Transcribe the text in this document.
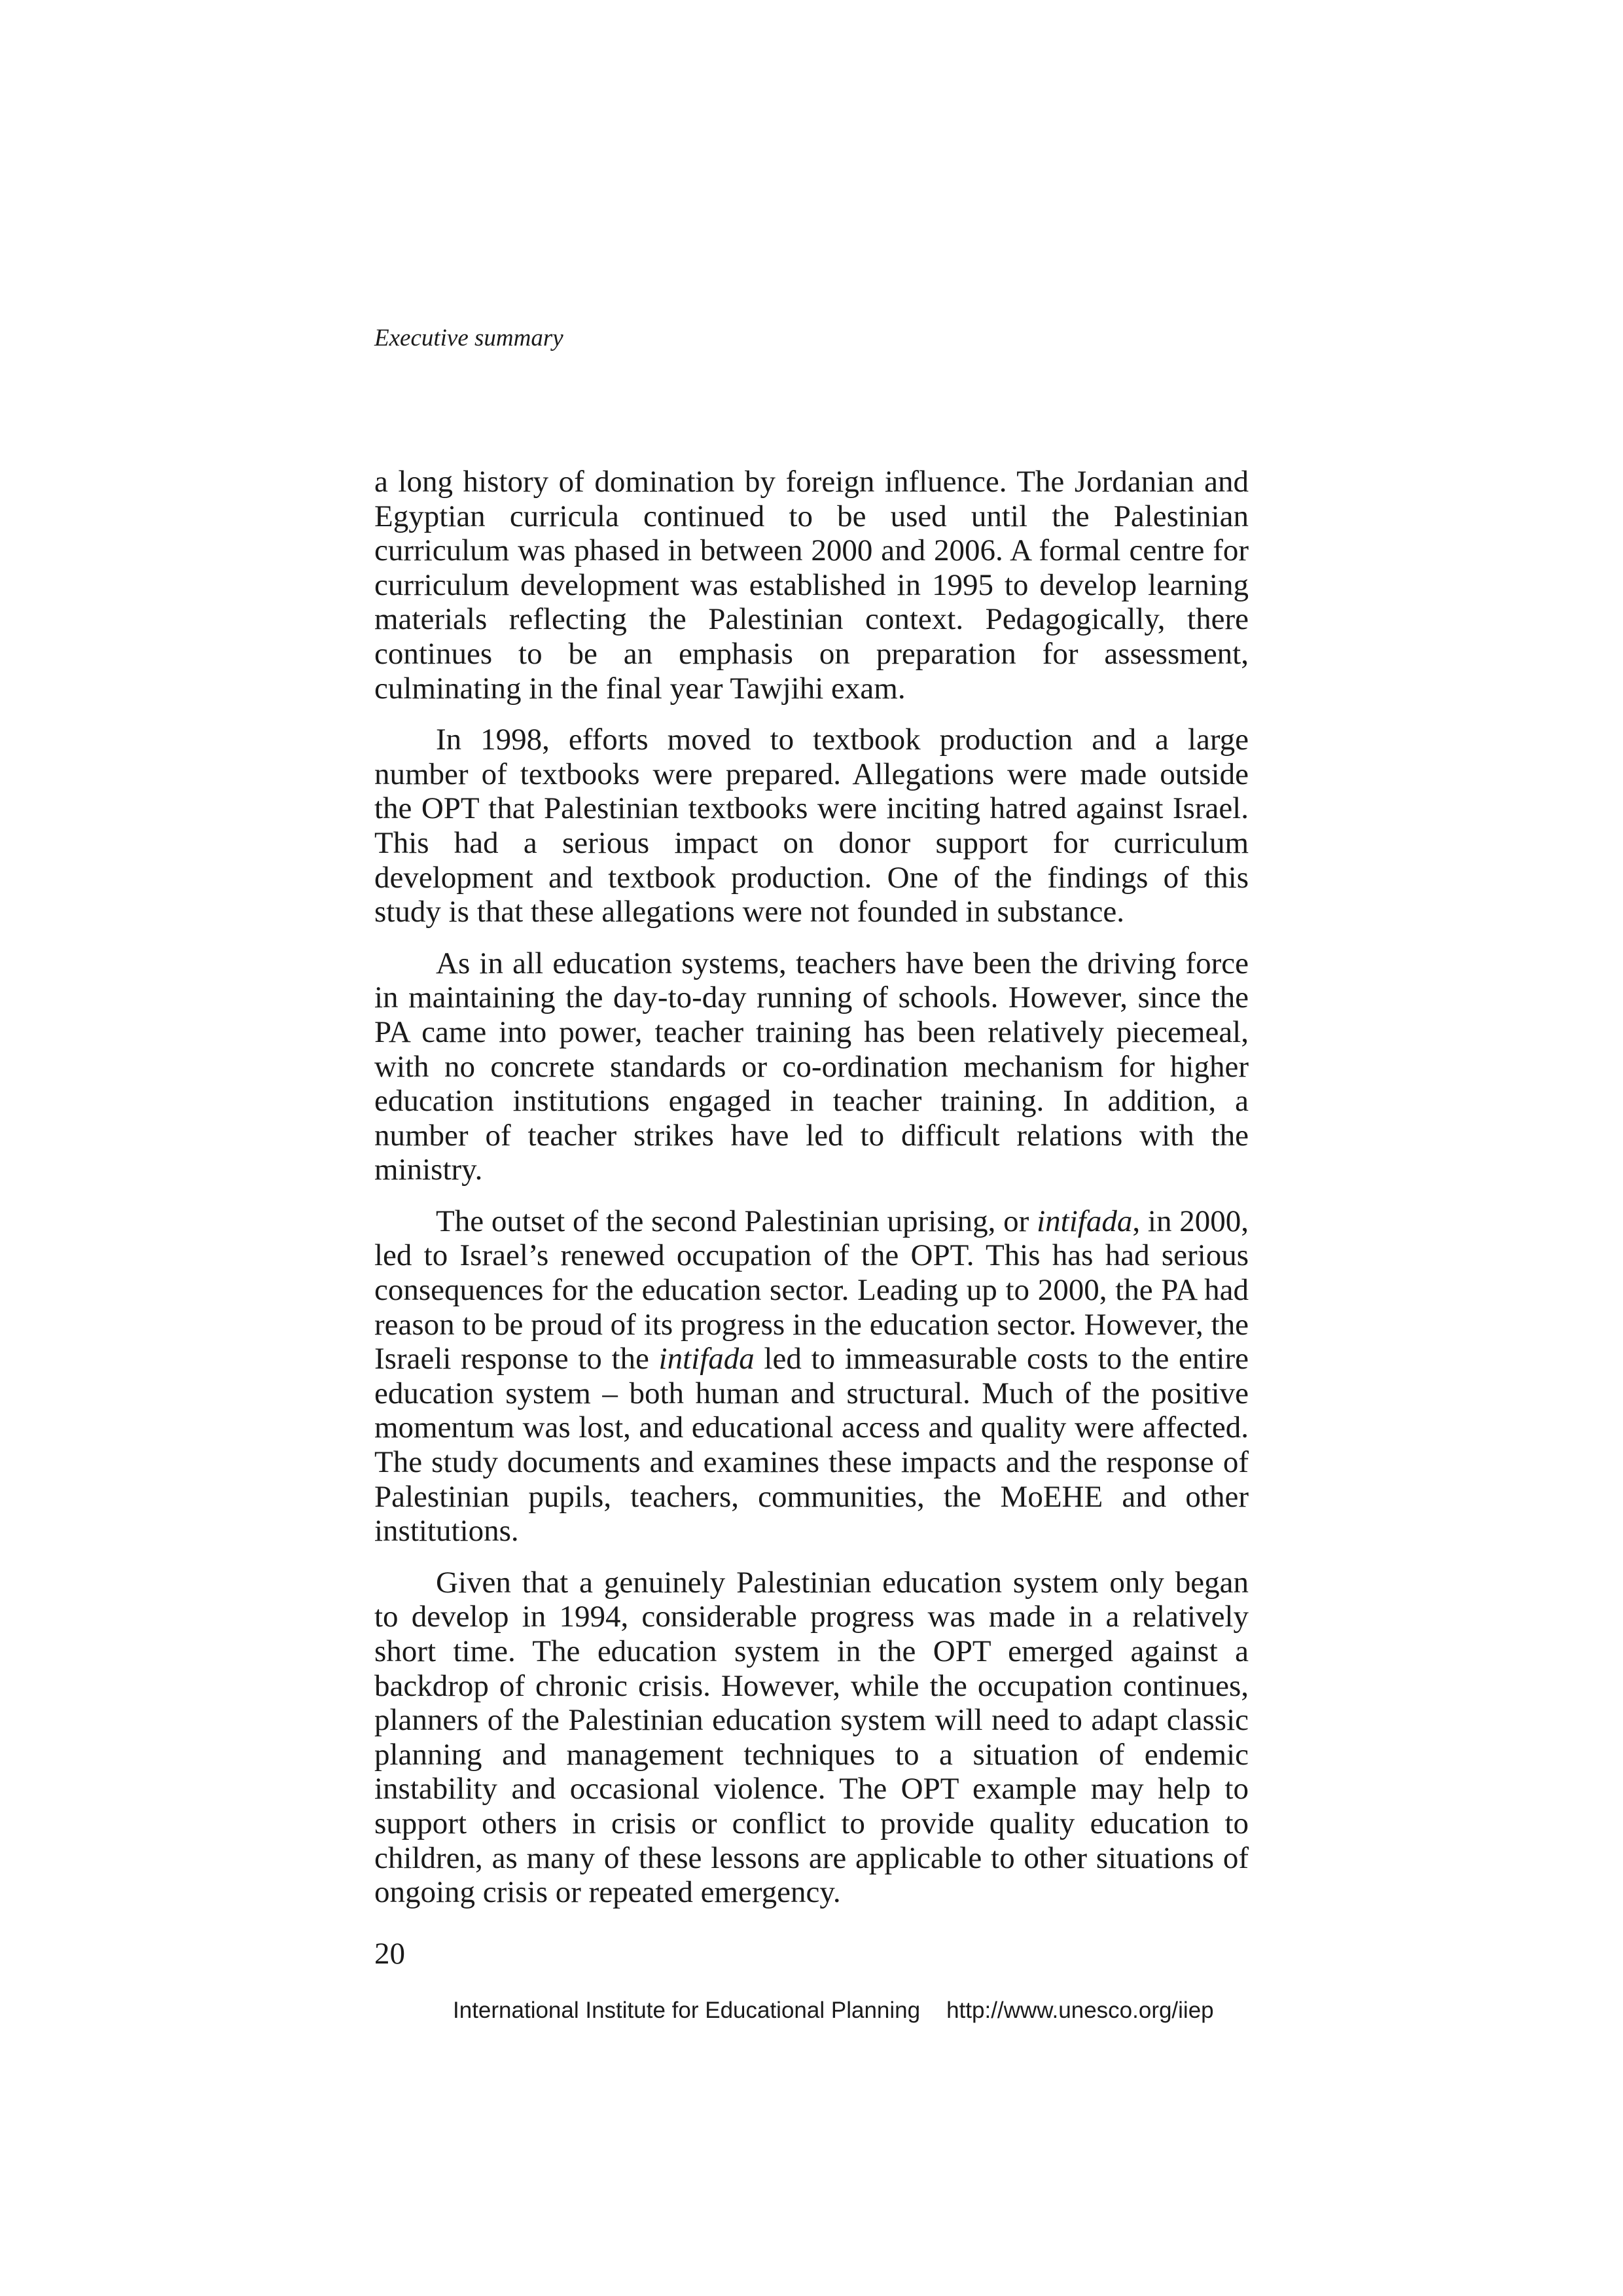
Executive summary

a long history of domination by foreign influence. The Jordanian and Egyptian curricula continued to be used until the Palestinian curriculum was phased in between 2000 and 2006. A formal centre for curriculum development was established in 1995 to develop learning materials reflecting the Palestinian context. Pedagogically, there continues to be an emphasis on preparation for assessment, culminating in the final year Tawjihi exam.

In 1998, efforts moved to textbook production and a large number of textbooks were prepared. Allegations were made outside the OPT that Palestinian textbooks were inciting hatred against Israel. This had a serious impact on donor support for curriculum development and textbook production. One of the findings of this study is that these allegations were not founded in substance.

As in all education systems, teachers have been the driving force in maintaining the day-to-day running of schools. However, since the PA came into power, teacher training has been relatively piecemeal, with no concrete standards or co-ordination mechanism for higher education institutions engaged in teacher training. In addition, a number of teacher strikes have led to difficult relations with the ministry.

The outset of the second Palestinian uprising, or intifada, in 2000, led to Israel’s renewed occupation of the OPT. This has had serious consequences for the education sector. Leading up to 2000, the PA had reason to be proud of its progress in the education sector. However, the Israeli response to the intifada led to immeasurable costs to the entire education system – both human and structural. Much of the positive momentum was lost, and educational access and quality were affected. The study documents and examines these impacts and the response of Palestinian pupils, teachers, communities, the MoEHE and other institutions.

Given that a genuinely Palestinian education system only began to develop in 1994, considerable progress was made in a relatively short time. The education system in the OPT emerged against a backdrop of chronic crisis. However, while the occupation continues, planners of the Palestinian education system will need to adapt classic planning and management techniques to a situation of endemic instability and occasional violence. The OPT example may help to support others in crisis or conflict to provide quality education to children, as many of these lessons are applicable to other situations of ongoing crisis or repeated emergency.

20

International Institute for Educational Planning http://www.unesco.org/iiep
